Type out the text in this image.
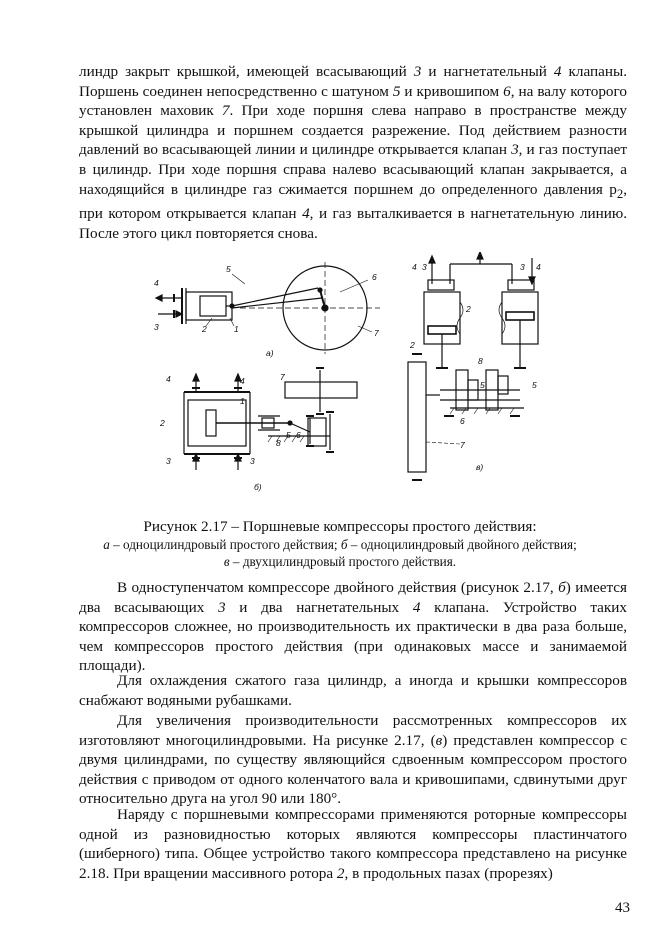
линдр закрыт крышкой, имеющей всасывающий 3 и нагнетательный 4 клапаны. Поршень соединен непосредственно с шатуном 5 и кривошипом 6, на валу которого установлен маховик 7. При ходе поршня слева направо в пространстве между крышкой цилиндра и поршнем создается разрежение. Под действием разности давлений во всасывающей линии и цилиндре открывается клапан 3, и газ поступает в цилиндр. При ходе поршня справа налево всасывающий клапан закрывается, а находящийся в цилиндре газ сжимается поршнем до определенного давления $p_2$, при котором открывается клапан 4, и газ выталкивается в нагнетательную линию. После этого цикл повторяется снова.

4
3	2	1
5
6
7
а)
4	4
1
2
3	3
7
5 6
8
б)
4 3	3 4
2
2
8
5	5
6
7
в)

Рисунок 2.17 – Поршневые компрессоры простого действия:

а – одноцилиндровый простого действия; б – одноцилиндровый двойного действия;

в – двухцилиндровый простого действия.

В одноступенчатом компрессоре двойного действия (рисунок 2.17, б) имеется два всасывающих 3 и два нагнетательных 4 клапана. Устройство таких компрессоров сложнее, но производительность их практически в два раза больше, чем компрессоров простого действия (при одинаковых массе и занимаемой площади).

Для охлаждения сжатого газа цилиндр, а иногда и крышки компрессоров снабжают водяными рубашками.

Для увеличения производительности рассмотренных компрессоров их изготовляют многоцилиндровыми. На рисунке 2.17, (в) представлен компрессор с двумя цилиндрами, по существу являющийся сдвоенным компрессором простого действия с приводом от одного коленчатого вала и кривошипами, сдвинутыми друг относительно друга на угол 90 или 180°.

Наряду с поршневыми компрессорами применяются роторные компрессоры одной из разновидностью которых являются компрессоры пластинчатого (шиберного) типа. Общее устройство такого компрессора представлено на рисунке 2.18. При вращении массивного ротора 2, в продольных пазах (прорезях)

43
